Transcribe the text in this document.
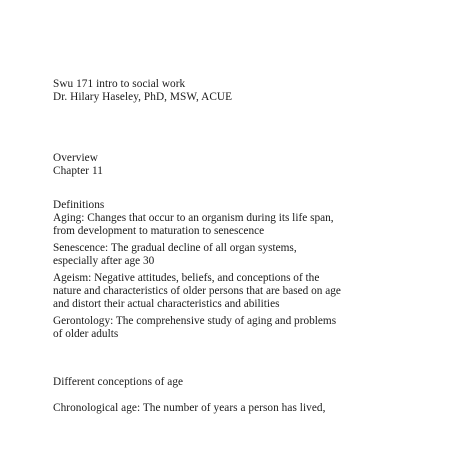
Swu 171 intro to social work
Dr. Hilary Haseley, PhD, MSW, ACUE
Overview
Chapter 11
Definitions
Aging: Changes that occur to an organism during its life span,
from development to maturation to senescence
Senescence: The gradual decline of all organ systems,
especially after age 30
Ageism: Negative attitudes, beliefs, and conceptions of the
nature and characteristics of older persons that are based on age
and distort their actual characteristics and abilities
Gerontology: The comprehensive study of aging and problems
of older adults
Different conceptions of age
Chronological age: The number of years a person has lived,
